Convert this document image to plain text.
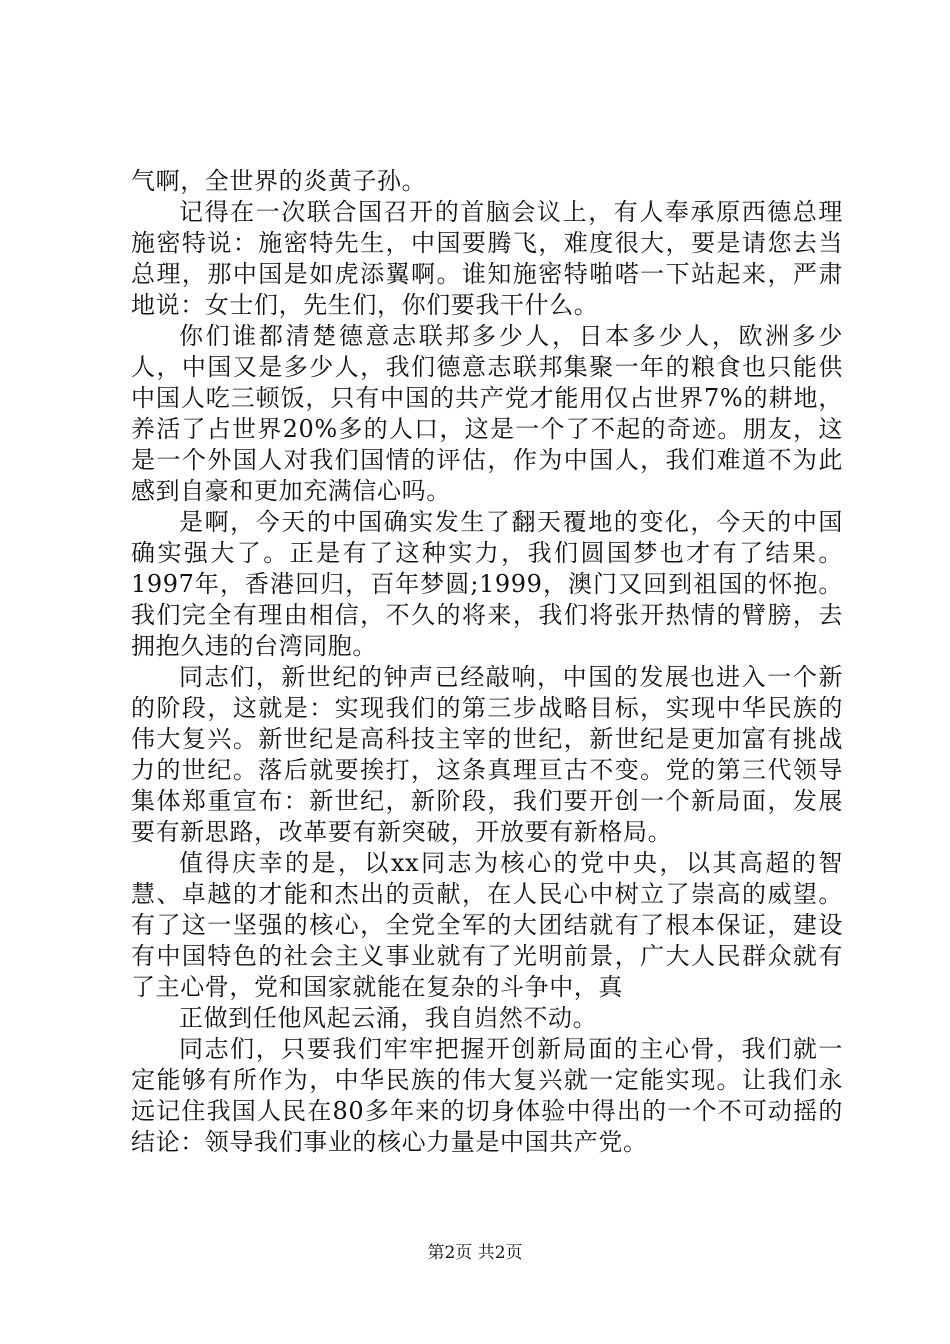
气啊，全世界的炎黄子孙。

记得在一次联合国召开的首脑会议上，有人奉承原西德总理施密特说：施密特先生，中国要腾飞，难度很大，要是请您去当总理，那中国是如虎添翼啊。谁知施密特啪嗒一下站起来，严肃地说：女士们，先生们，你们要我干什么。

你们谁都清楚德意志联邦多少人，日本多少人，欧洲多少人，中国又是多少人，我们德意志联邦集聚一年的粮食也只能供中国人吃三顿饭，只有中国的共产党才能用仅占世界7%的耕地，养活了占世界20%多的人口，这是一个了不起的奇迹。朋友，这是一个外国人对我们国情的评估，作为中国人，我们难道不为此感到自豪和更加充满信心吗。

是啊，今天的中国确实发生了翻天覆地的变化，今天的中国确实强大了。正是有了这种实力，我们圆国梦也才有了结果。1997年，香港回归，百年梦圆;1999，澳门又回到祖国的怀抱。我们完全有理由相信，不久的将来，我们将张开热情的臂膀，去拥抱久违的台湾同胞。

同志们，新世纪的钟声已经敲响，中国的发展也进入一个新的阶段，这就是：实现我们的第三步战略目标，实现中华民族的伟大复兴。新世纪是高科技主宰的世纪，新世纪是更加富有挑战力的世纪。落后就要挨打，这条真理亘古不变。党的第三代领导集体郑重宣布：新世纪，新阶段，我们要开创一个新局面，发展要有新思路，改革要有新突破，开放要有新格局。

值得庆幸的是，以xx同志为核心的党中央，以其高超的智慧、卓越的才能和杰出的贡献，在人民心中树立了崇高的威望。有了这一坚强的核心，全党全军的大团结就有了根本保证，建设有中国特色的社会主义事业就有了光明前景，广大人民群众就有了主心骨，党和国家就能在复杂的斗争中，真

正做到任他风起云涌，我自岿然不动。

同志们，只要我们牢牢把握开创新局面的主心骨，我们就一定能够有所作为，中华民族的伟大复兴就一定能实现。让我们永远记住我国人民在80多年来的切身体验中得出的一个不可动摇的结论：领导我们事业的核心力量是中国共产党。

第2页 共2页
